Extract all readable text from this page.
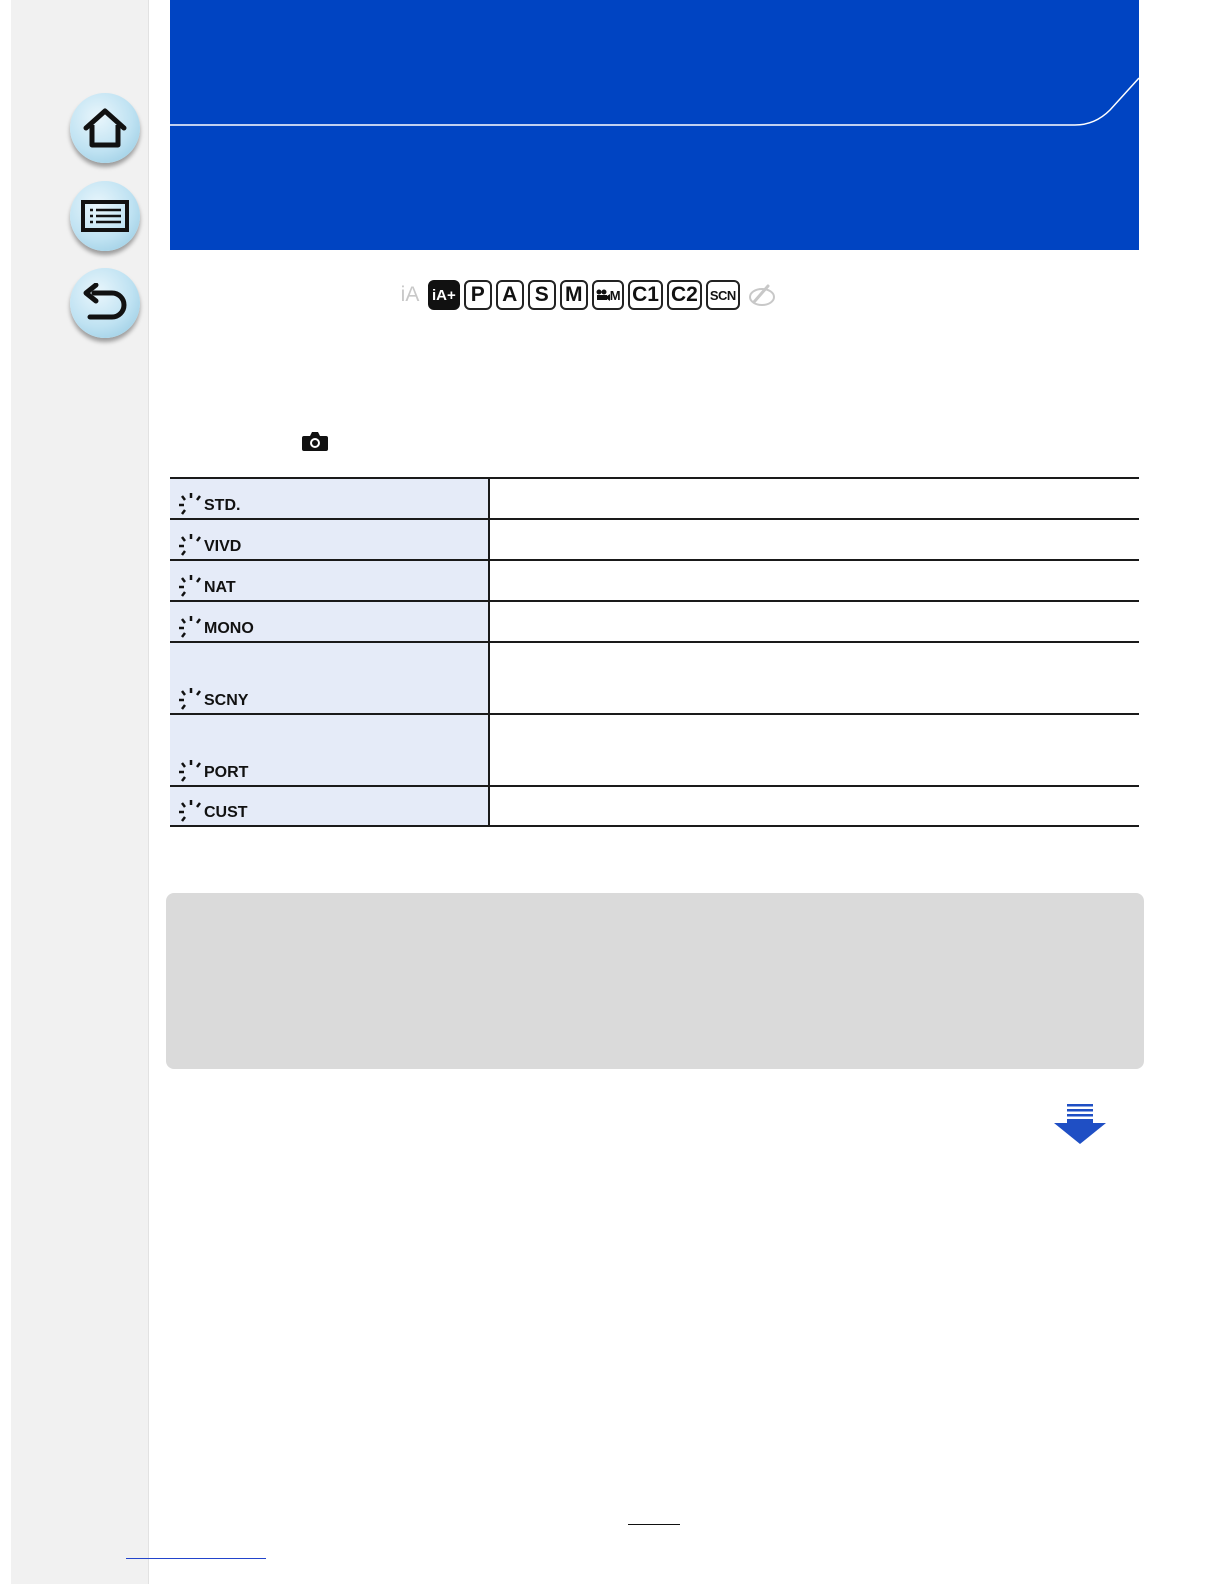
iA iA+ P A S M	M C1 C2 SCN
STD.	

VIVD	

NAT	

MONO	

SCNY	

PORT	

CUST	
